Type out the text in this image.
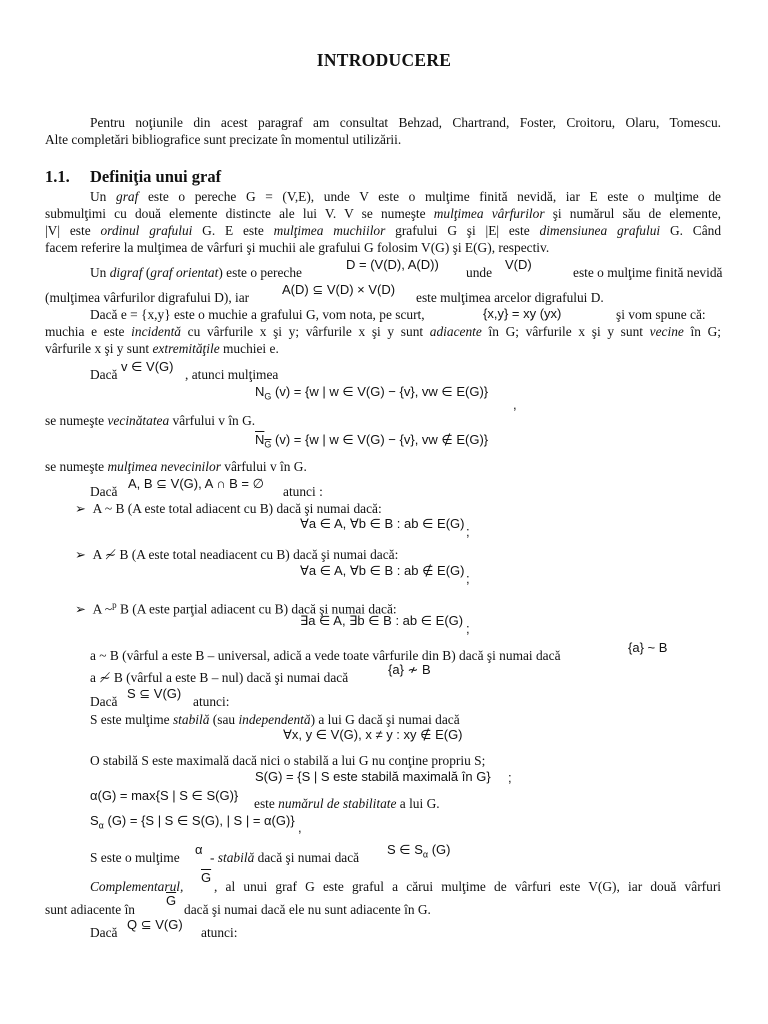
INTRODUCERE
Pentru noţiunile din acest paragraf am consultat Behzad, Chartrand, Foster, Croitoru, Olaru, Tomescu.
Alte completări bibliografice sunt precizate în momentul utilizării.
1.1. Definiţia unui graf
Un graf este o pereche G = (V,E), unde V este o mulţime finită nevidă, iar E este o mulţime de
submulţimi cu două elemente distincte ale lui V. V se numeşte mulţimea vârfurilor şi numărul său de elemente,
|V| este ordinul grafului G. E este mulţimea muchiilor grafului G şi |E| este dimensiunea grafului G. Când
facem referire la mulţimea de vârfuri şi muchii ale grafului G folosim V(G) şi E(G), respectiv.
Un digraf (graf orientat) este o pereche
D = (V(D), A(D))
unde
V(D)
este o mulţime finită nevidă
(mulţimea vârfurilor digrafului D), iar
A(D) ⊆ V(D) × V(D)
este mulţimea arcelor digrafului D.
Dacă e = {x,y} este o muchie a grafului G, vom nota, pe scurt,	{x,y} = xy (yx)	şi vom spune că:
muchia e este incidentă cu vârfurile x şi y; vârfurile x şi y sunt adiacente în G; vârfurile x şi y sunt vecine în G;
vârfurile x şi y sunt extremităţile muchiei e.
Dacă
v ∈ V(G)
, atunci mulţimea
$N_G$ (v) = {w | w ∈ V(G) − {v}, vw ∈ E(G)}
,
se numeşte vecinătatea vârfului v în G.
$N_G$ (v) = {w | w ∈ V(G) − {v}, vw ∉ E(G)}
se numeşte mulţimea nevecinilor vârfului v în G.
Dacă
A, B ⊆ V(G), A ∩ B = ∅
atunci :
➢ A ~ B (A este total adiacent cu B) dacă şi numai dacă:
∀a ∈ A, ∀b ∈ B : ab ∈ E(G)
;
➢ A ≁ B (A este total neadiacent cu B) dacă şi numai dacă:
∀a ∈ A, ∀b ∈ B : ab ∉ E(G)
;
➢ A ~$^p$ B (A este parţial adiacent cu B) dacă şi numai dacă:
∃a ∈ A, ∃b ∈ B : ab ∈ E(G)
;
a ~ B (vârful a este B – universal, adică a vede toate vârfurile din B) dacă şi numai dacă
{a} ~ B
a ≁ B (vârful a este B – nul) dacă şi numai dacă
{a} ≁ B
Dacă
S ⊆ V(G)
atunci:
S este mulţime stabilă (sau independentă) a lui G dacă şi numai dacă
∀x, y ∈ V(G), x ≠ y : xy ∉ E(G)
O stabilă S este maximală dacă nici o stabilă a lui G nu conţine propriu S;
S(G) = {S | S este stabilă maximală în G} ;
α(G) = max{S | S ∈ S(G)}
este numărul de stabilitate a lui G.
$S_\alpha$ (G) = {S | S ∈ S(G), | S | = α(G)} ,
S este o mulţime
α
- stabilă dacă şi numai dacă
S ∈ $S_\alpha$ (G)
Complementarul,
$\overline{G}$
, al unui graf G este graful a cărui mulţime de vârfuri este V(G), iar două vârfuri
sunt adiacente în
$\overline{G}$
dacă şi numai dacă ele nu sunt adiacente în G.
Dacă
Q ⊆ V(G)
atunci:
